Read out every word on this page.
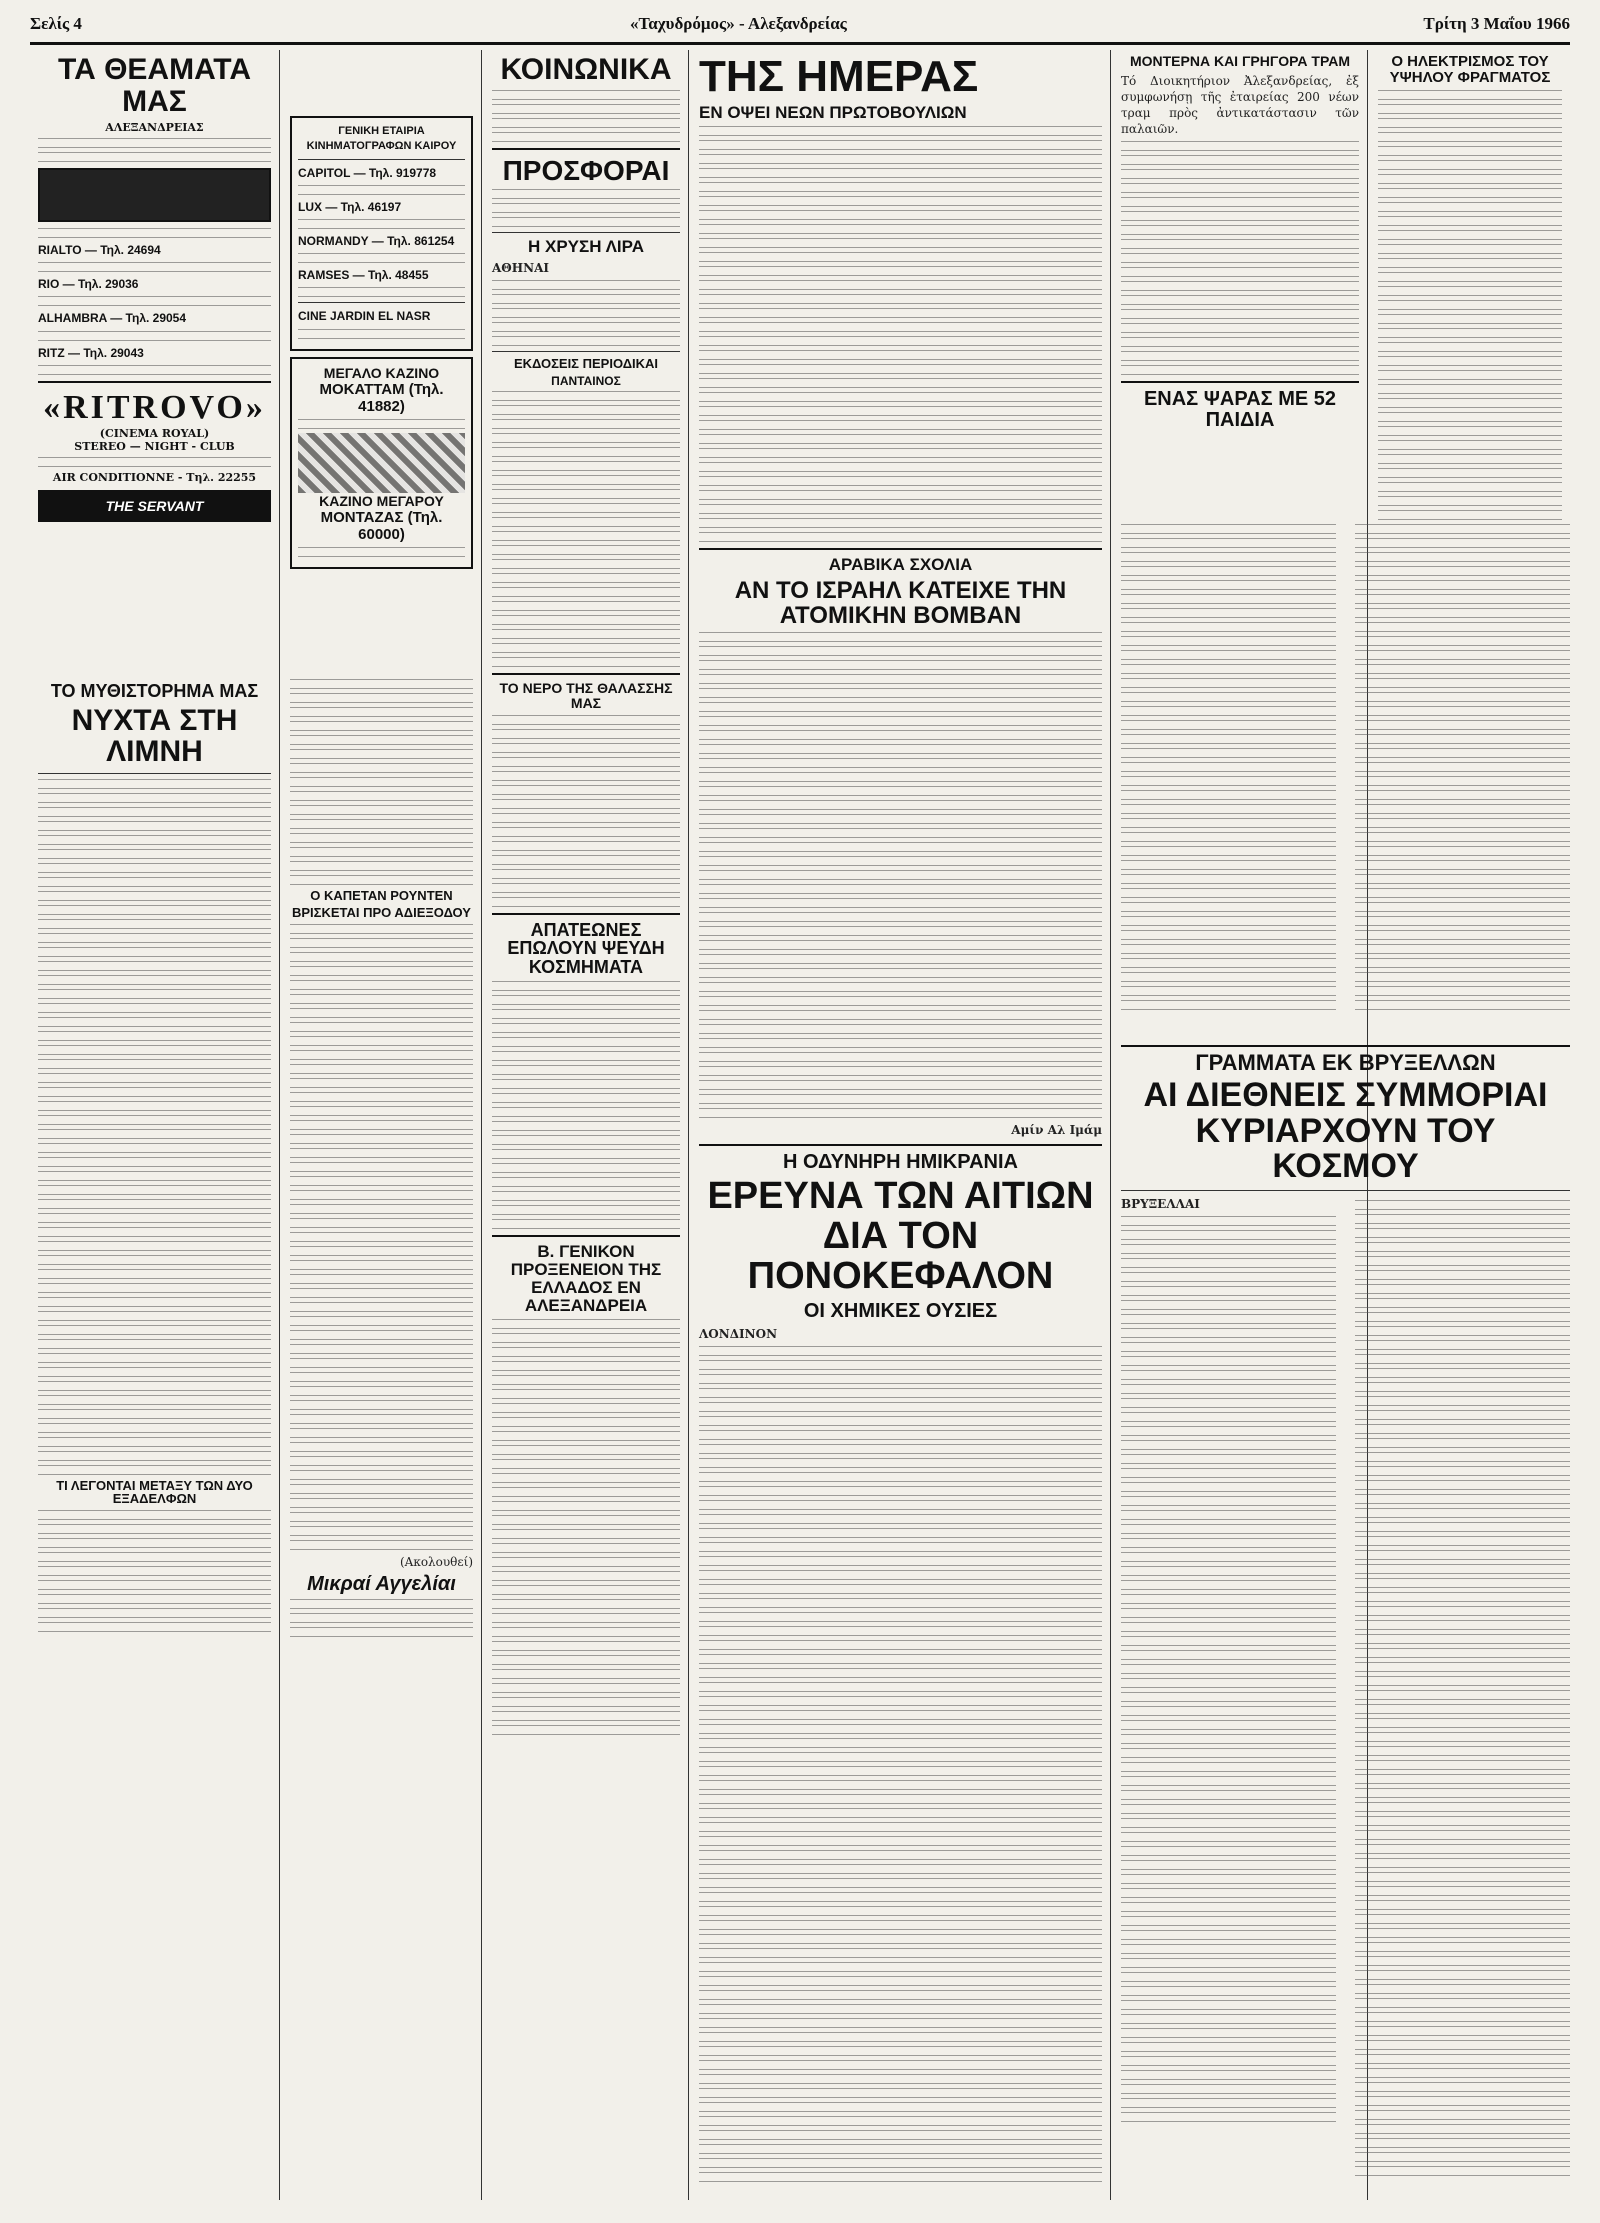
Σελίς 4	«Ταχυδρόμος» - Αλεξανδρείας	Τρίτη 3 Μαΐου 1966
ΤΑ ΘΕΑΜΑΤΑ ΜΑΣ
ΑΛΕΞΑΝΔΡΕΙΑΣ
RIALTO — Τηλ. 24694
RIO — Τηλ. 29036
ALHAMBRA — Τηλ. 29054
RITZ — Τηλ. 29043
«RITROVO»
(CINEMA ROYAL)
STEREO — NIGHT - CLUB
AIR CONDITIONNE - Τηλ. 22255
THE SERVANT
ΤΟ ΜΥΘΙΣΤΟΡΗΜΑ ΜΑΣ
ΝΥΧΤΑ ΣΤΗ ΛΙΜΝΗ
ΤΙ ΛΕΓΟΝΤΑΙ ΜΕΤΑΞΥ ΤΩΝ ΔΥΟ ΕΞΑΔΕΛΦΩΝ
ΓΕΝΙΚΗ ΕΤΑΙΡΙΑ ΚΙΝΗΜΑΤΟΓΡΑΦΩΝ ΚΑΙΡΟΥ
CAPITOL — Τηλ. 919778
LUX — Τηλ. 46197
NORMANDY — Τηλ. 861254
RAMSES — Τηλ. 48455
CINE JARDIN EL NASR
ΜΕΓΑΛΟ ΚΑΖΙΝΟ
ΜΟΚΑΤΤΑΜ (Τηλ. 41882)
ΚΑΖΙΝΟ ΜΕΓΑΡΟΥ
ΜΟΝΤΑΖΑΣ (Τηλ. 60000)
Ο ΚΑΠΕΤΑΝ ΡΟΥΝΤΕΝ
ΒΡΙΣΚΕΤΑΙ ΠΡΟ ΑΔΙΕΞΟΔΟΥ
(Ακολουθεί)
Μικραί Αγγελίαι
ΚΟΙΝΩΝΙΚΑ
ΠΡΟΣΦΟΡΑΙ
Η ΧΡΥΣΗ ΛΙΡΑ
ΑΘΗΝΑΙ
ΕΚΔΟΣΕΙΣ ΠΕΡΙΟΔΙΚΑΙ
ΠΑΝΤΑΙΝΟΣ
ΤΟ ΝΕΡΟ ΤΗΣ ΘΑΛΑΣΣΗΣ ΜΑΣ
ΑΠΑΤΕΩΝΕΣ ΕΠΩΛΟΥΝ ΨΕΥΔΗ ΚΟΣΜΗΜΑΤΑ
Β. ΓΕΝΙΚΟΝ ΠΡΟΞΕΝΕΙΟΝ ΤΗΣ ΕΛΛΑΔΟΣ ΕΝ ΑΛΕΞΑΝΔΡΕΙΑ
ΤΗΣ ΗΜΕΡΑΣ
ΕΝ ΟΨΕΙ ΝΕΩΝ ΠΡΩΤΟΒΟΥΛΙΩΝ
ΑΡΑΒΙΚΑ ΣΧΟΛΙΑ
ΑΝ ΤΟ ΙΣΡΑΗΛ ΚΑΤΕΙΧΕ ΤΗΝ ΑΤΟΜΙΚΗΝ ΒΟΜΒΑΝ
Αμίν Αλ Ιμάμ
Η ΟΔΥΝΗΡΗ ΗΜΙΚΡΑΝΙΑ
ΕΡΕΥΝΑ ΤΩΝ ΑΙΤΙΩΝ ΔΙΑ ΤΟΝ ΠΟΝΟΚΕΦΑΛΟΝ
ΟΙ ΧΗΜΙΚΕΣ ΟΥΣΙΕΣ
ΛΟΝΔΙΝΟΝ
ΜΟΝΤΕΡΝΑ ΚΑΙ ΓΡΗΓΟΡΑ ΤΡΑΜ
Τό Διοικητήριον Ἀλεξανδρείας, ἐξ συμφωνήσῃ τῆς ἐταιρείας 200 νέων τραμ πρὸς ἀντικατάστασιν τῶν παλαιῶν.
ΕΝΑΣ ΨΑΡΑΣ ΜΕ 52 ΠΑΙΔΙΑ
Ο ΗΛΕΚΤΡΙΣΜΟΣ ΤΟΥ ΥΨΗΛΟΥ ΦΡΑΓΜΑΤΟΣ
ΓΡΑΜΜΑΤΑ ΕΚ ΒΡΥΞΕΛΛΩΝ
ΑΙ ΔΙΕΘΝΕΙΣ ΣΥΜΜΟΡΙΑΙ ΚΥΡΙΑΡΧΟΥΝ ΤΟΥ ΚΟΣΜΟΥ
ΒΡΥΞΕΛΛΑΙ
